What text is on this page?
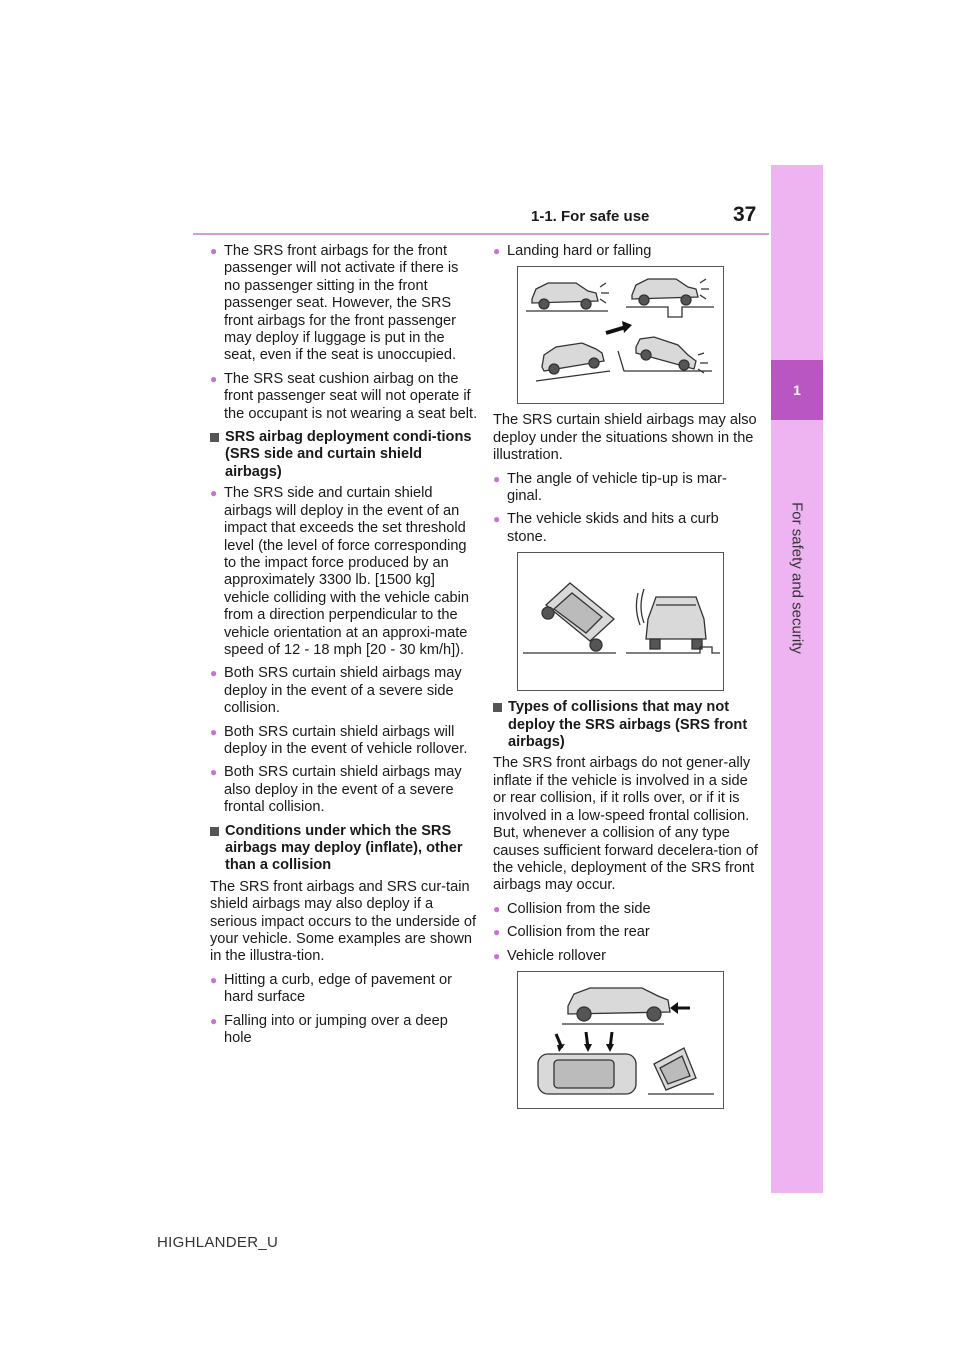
1-1. For safe use	37
1
For safety and security
● The SRS front airbags for the front passenger will not activate if there is no passenger sitting in the front passenger seat. However, the SRS front airbags for the front passenger may deploy if luggage is put in the seat, even if the seat is unoccupied.
● The SRS seat cushion airbag on the front passenger seat will not operate if the occupant is not wearing a seat belt.
SRS airbag deployment condi-tions (SRS side and curtain shield airbags)
● The SRS side and curtain shield airbags will deploy in the event of an impact that exceeds the set threshold level (the level of force corresponding to the impact force produced by an approximately 3300 lb. [1500 kg] vehicle colliding with the vehicle cabin from a direction perpendicular to the vehicle orientation at an approxi-mate speed of 12 - 18 mph [20 - 30 km/h]).
● Both SRS curtain shield airbags may deploy in the event of a severe side collision.
● Both SRS curtain shield airbags will deploy in the event of vehicle rollover.
● Both SRS curtain shield airbags may also deploy in the event of a severe frontal collision.
Conditions under which the SRS airbags may deploy (inflate), other than a collision
The SRS front airbags and SRS cur-tain shield airbags may also deploy if a serious impact occurs to the underside of your vehicle. Some examples are shown in the illustra-tion.
● Hitting a curb, edge of pavement or hard surface
● Falling into or jumping over a deep hole
● Landing hard or falling
The SRS curtain shield airbags may also deploy under the situations shown in the illustration.
● The angle of vehicle tip-up is mar-ginal.
● The vehicle skids and hits a curb stone.
Types of collisions that may not deploy the SRS airbags (SRS front airbags)
The SRS front airbags do not gener-ally inflate if the vehicle is involved in a side or rear collision, if it rolls over, or if it is involved in a low-speed frontal collision. But, whenever a collision of any type causes sufficient forward decelera-tion of the vehicle, deployment of the SRS front airbags may occur.
● Collision from the side
● Collision from the rear
● Vehicle rollover
HIGHLANDER_U
